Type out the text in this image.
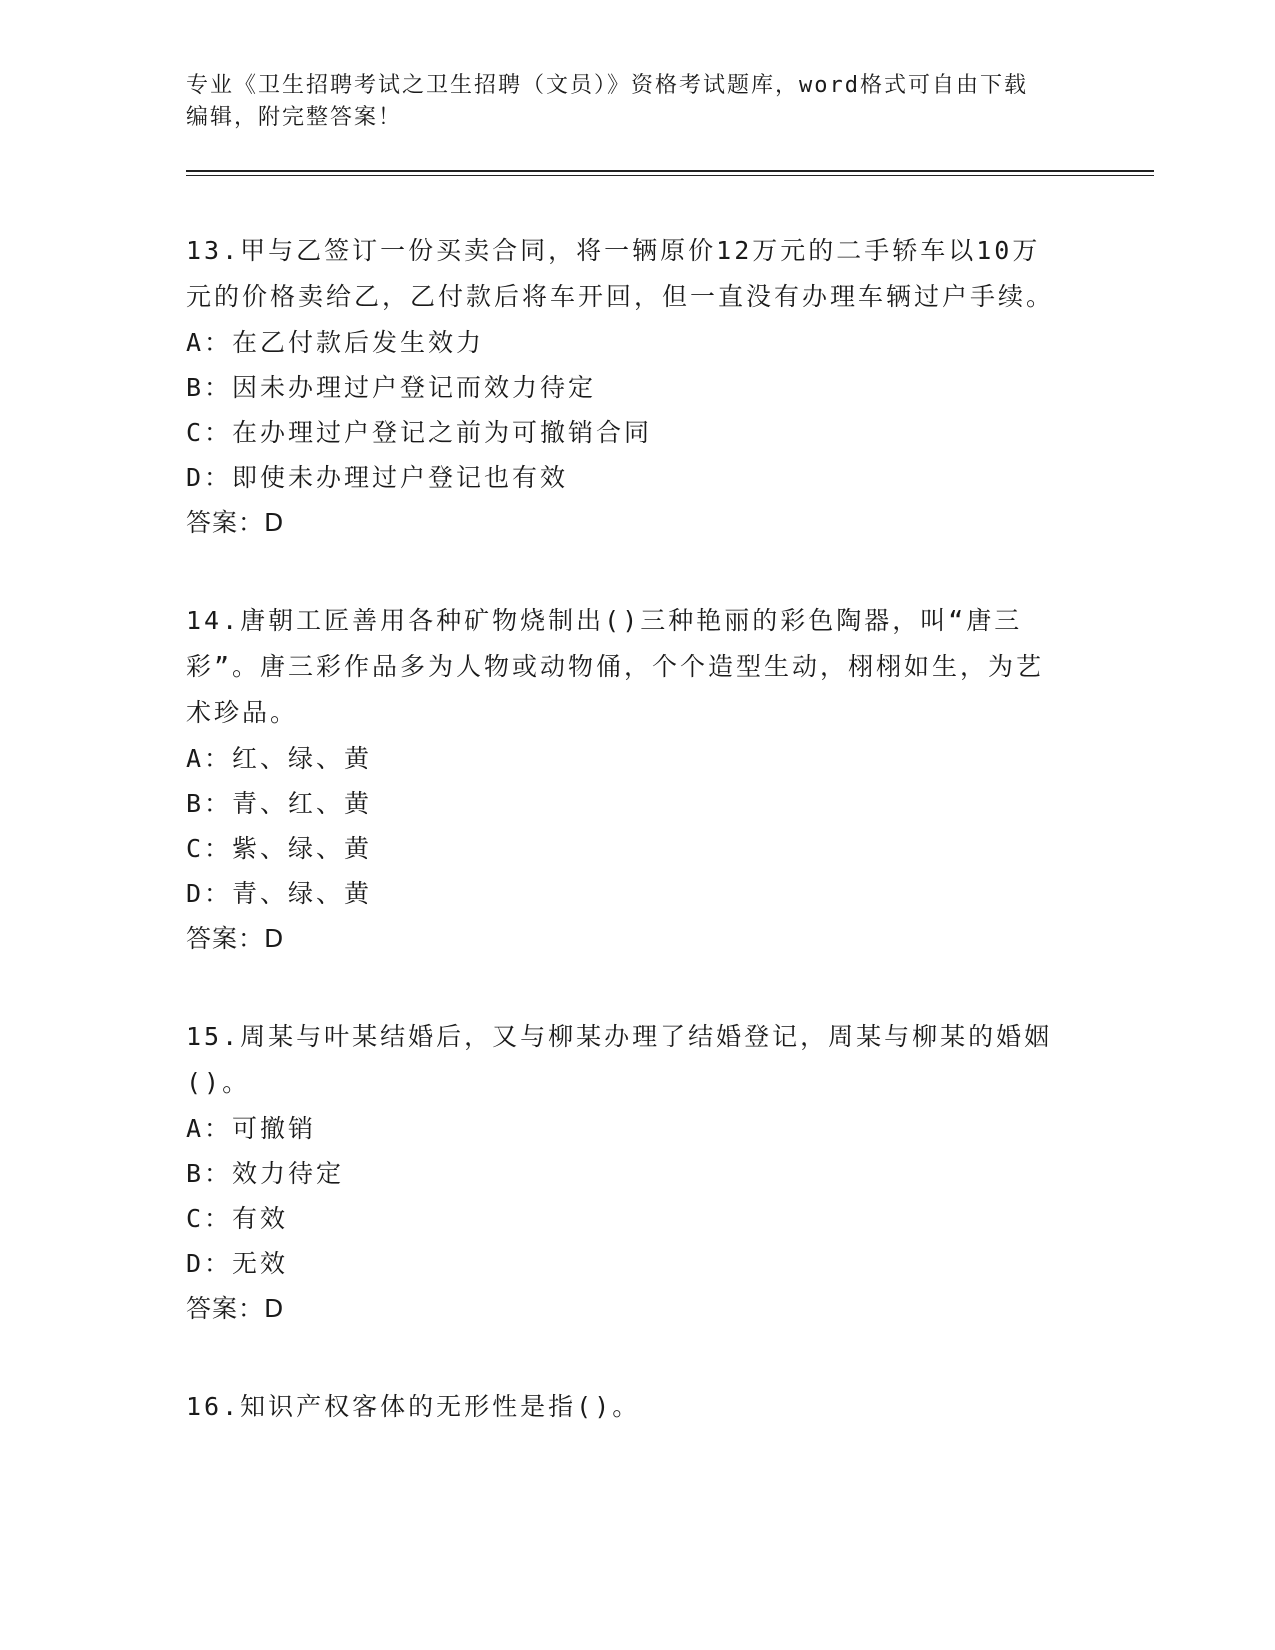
专业《卫生招聘考试之卫生招聘（文员）》资格考试题库，word格式可自由下载
编辑，附完整答案！
13.甲与乙签订一份买卖合同，将一辆原价12万元的二手轿车以10万元的价格卖给乙，乙付款后将车开回，但一直没有办理车辆过户手续。
A：在乙付款后发生效力
B：因未办理过户登记而效力待定
C：在办理过户登记之前为可撤销合同
D：即使未办理过户登记也有效
答案：D
14.唐朝工匠善用各种矿物烧制出()三种艳丽的彩色陶器，叫“唐三彩”。唐三彩作品多为人物或动物俑，个个造型生动，栩栩如生，为艺术珍品。
A：红、绿、黄
B：青、红、黄
C：紫、绿、黄
D：青、绿、黄
答案：D
15.周某与叶某结婚后，又与柳某办理了结婚登记，周某与柳某的婚姻()。
A：可撤销
B：效力待定
C：有效
D：无效
答案：D
16.知识产权客体的无形性是指()。
